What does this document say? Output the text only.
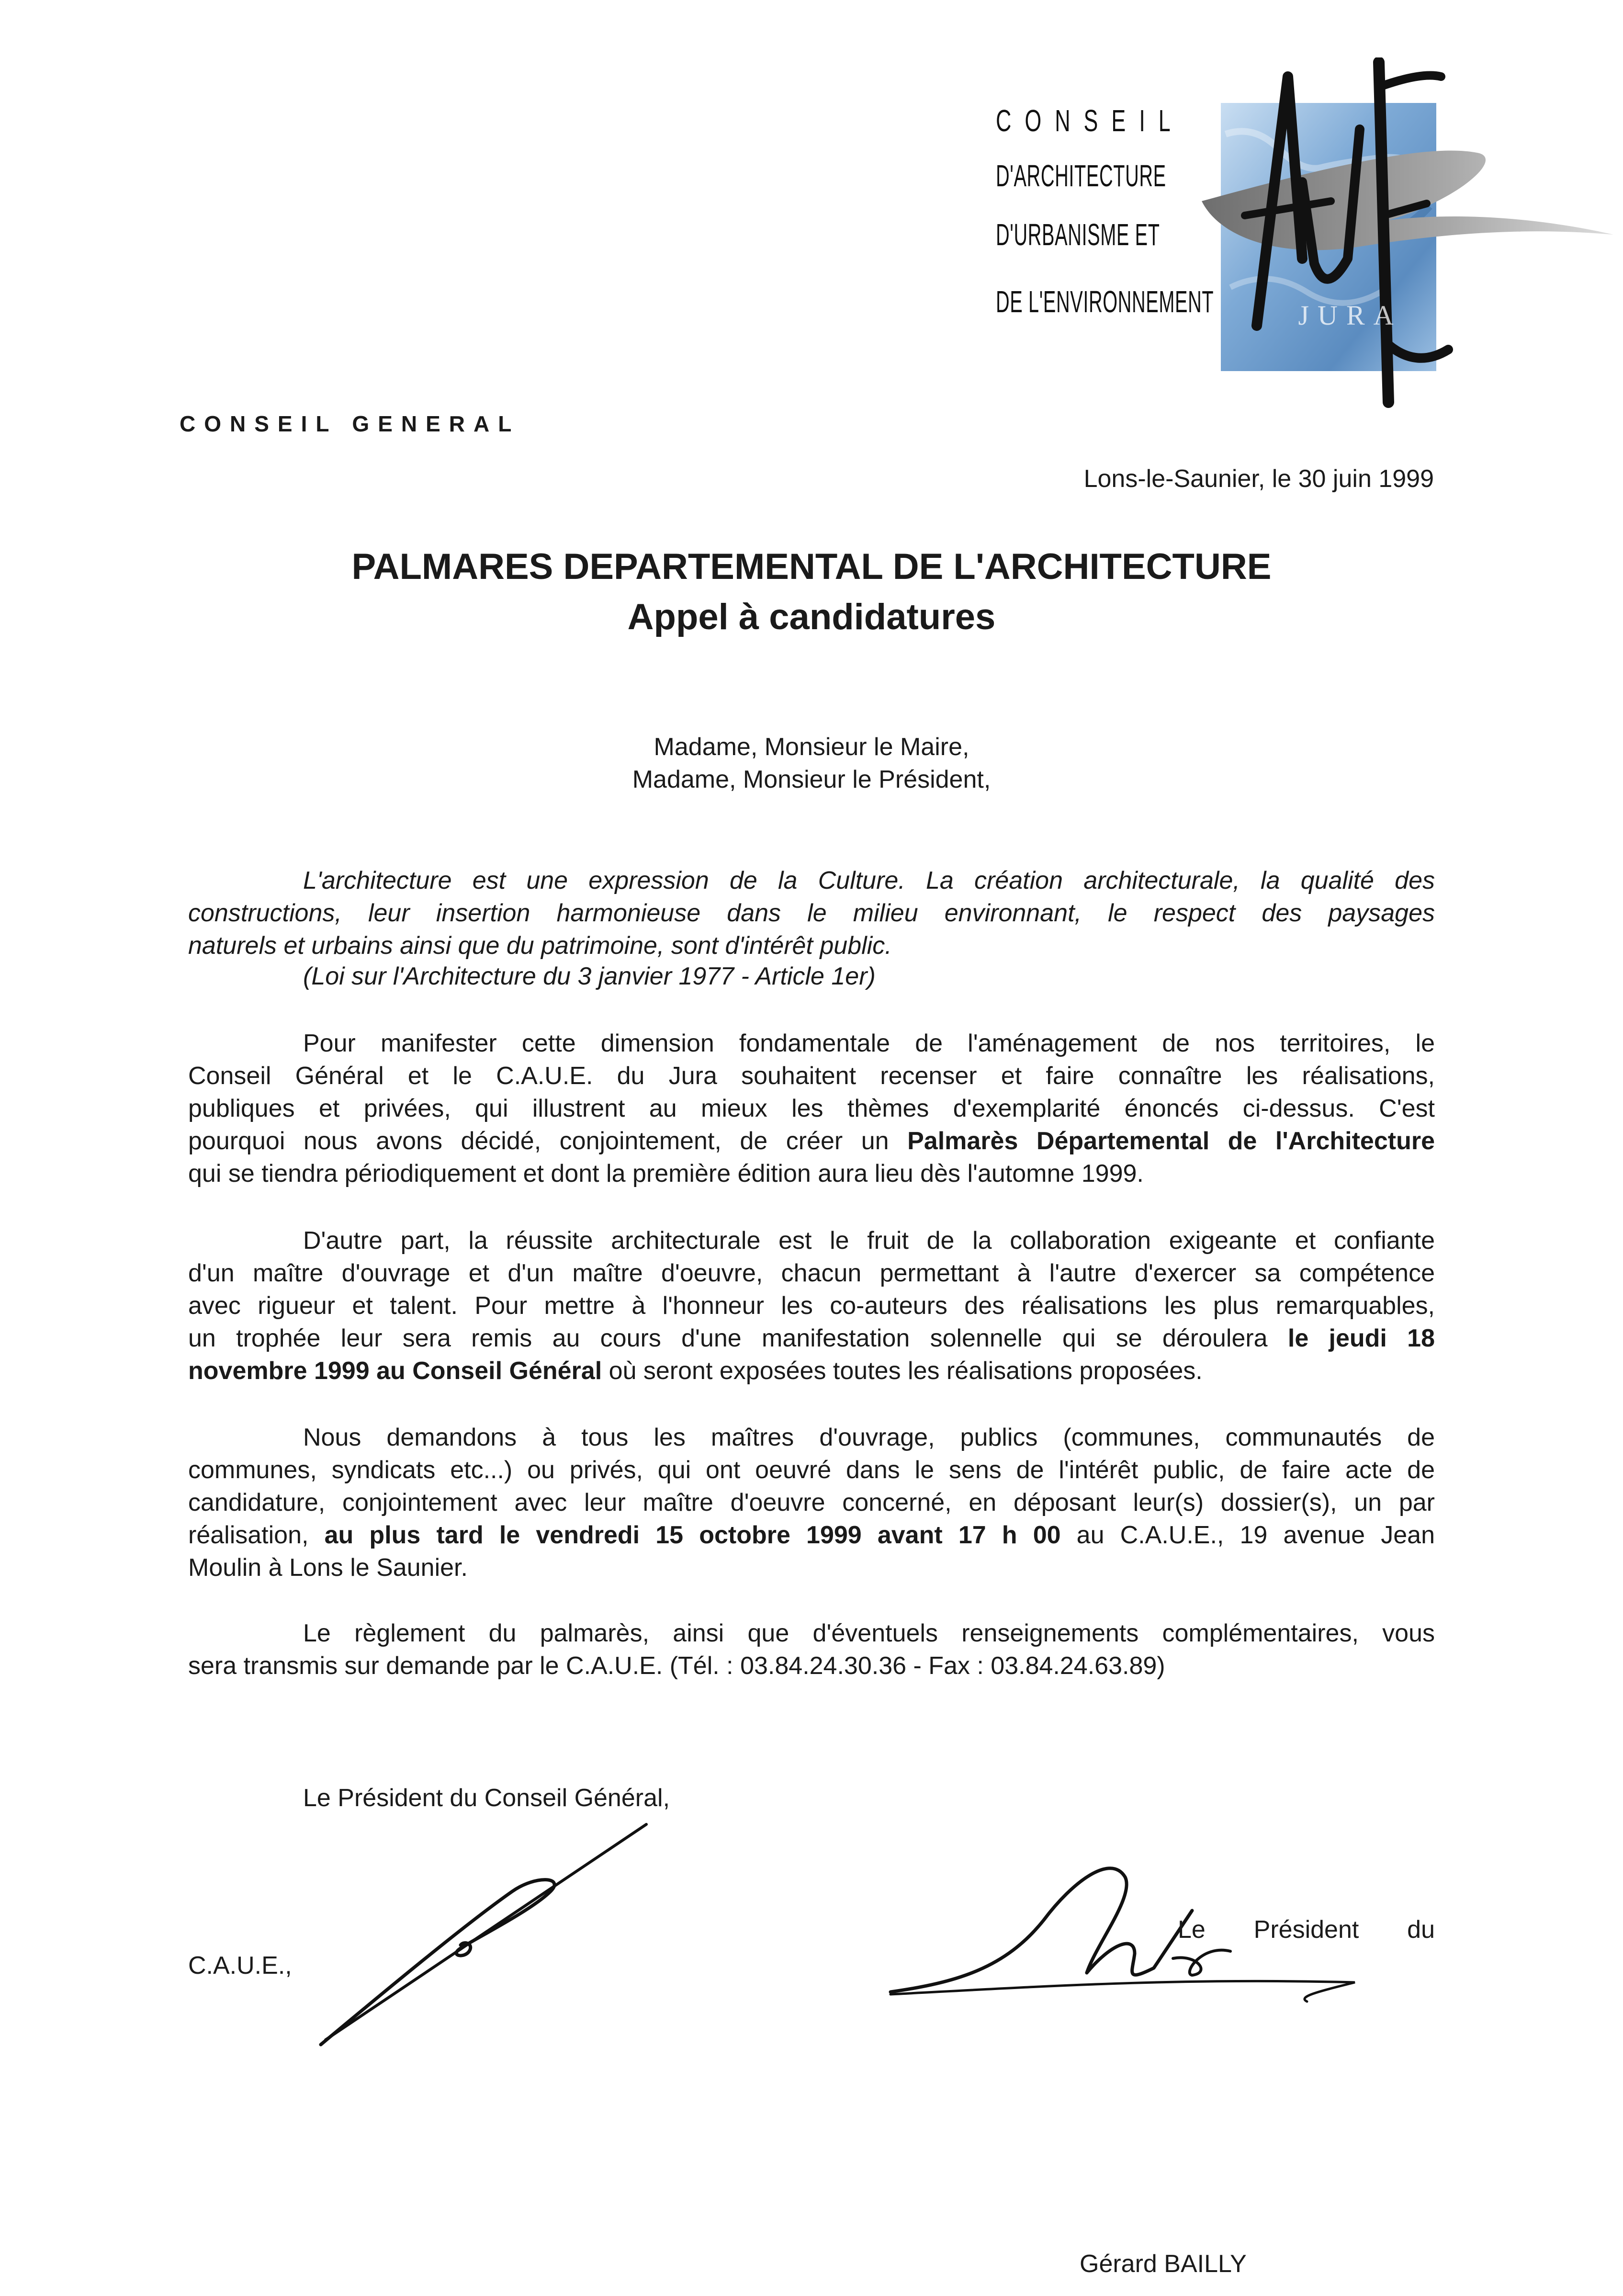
CONSEIL
D'ARCHITECTURE
D'URBANISME ET
DE L'ENVIRONNEMENT	JURA
CONSEIL GENERAL
Lons-le-Saunier, le 30 juin 1999
PALMARES DEPARTEMENTAL DE L'ARCHITECTURE
Appel à candidatures
Madame, Monsieur le Maire,
Madame, Monsieur le Président,
L'architecture est une expression de la Culture. La création architecturale, la qualité des
constructions, leur insertion harmonieuse dans le milieu environnant, le respect des paysages
naturels et urbains ainsi que du patrimoine, sont d'intérêt public.
(Loi sur l'Architecture du 3 janvier 1977 - Article 1er)
Pour manifester cette dimension fondamentale de l'aménagement de nos territoires, le
Conseil Général et le C.A.U.E. du Jura souhaitent recenser et faire connaître les réalisations,
publiques et privées, qui illustrent au mieux les thèmes d'exemplarité énoncés ci-dessus. C'est
pourquoi nous avons décidé, conjointement, de créer un Palmarès Départemental de l'Architecture
qui se tiendra périodiquement et dont la première édition aura lieu dès l'automne 1999.
D'autre part, la réussite architecturale est le fruit de la collaboration exigeante et confiante
d'un maître d'ouvrage et d'un maître d'oeuvre, chacun permettant à l'autre d'exercer sa compétence
avec rigueur et talent. Pour mettre à l'honneur les co-auteurs des réalisations les plus remarquables,
un trophée leur sera remis au cours d'une manifestation solennelle qui se déroulera le jeudi 18
novembre 1999 au Conseil Général où seront exposées toutes les réalisations proposées.
Nous demandons à tous les maîtres d'ouvrage, publics (communes, communautés de
communes, syndicats etc...) ou privés, qui ont oeuvré dans le sens de l'intérêt public, de faire acte de
candidature, conjointement avec leur maître d'oeuvre concerné, en déposant leur(s) dossier(s), un par
réalisation, au plus tard le vendredi 15 octobre 1999 avant 17 h 00 au C.A.U.E., 19 avenue Jean
Moulin à Lons le Saunier.
Le règlement du palmarès, ainsi que d'éventuels renseignements complémentaires, vous
sera transmis sur demande par le C.A.U.E. (Tél. : 03.84.24.30.36 - Fax : 03.84.24.63.89)
Le Président du Conseil Général,
C.A.U.E.,
Le Président du
Gérard BAILLY
